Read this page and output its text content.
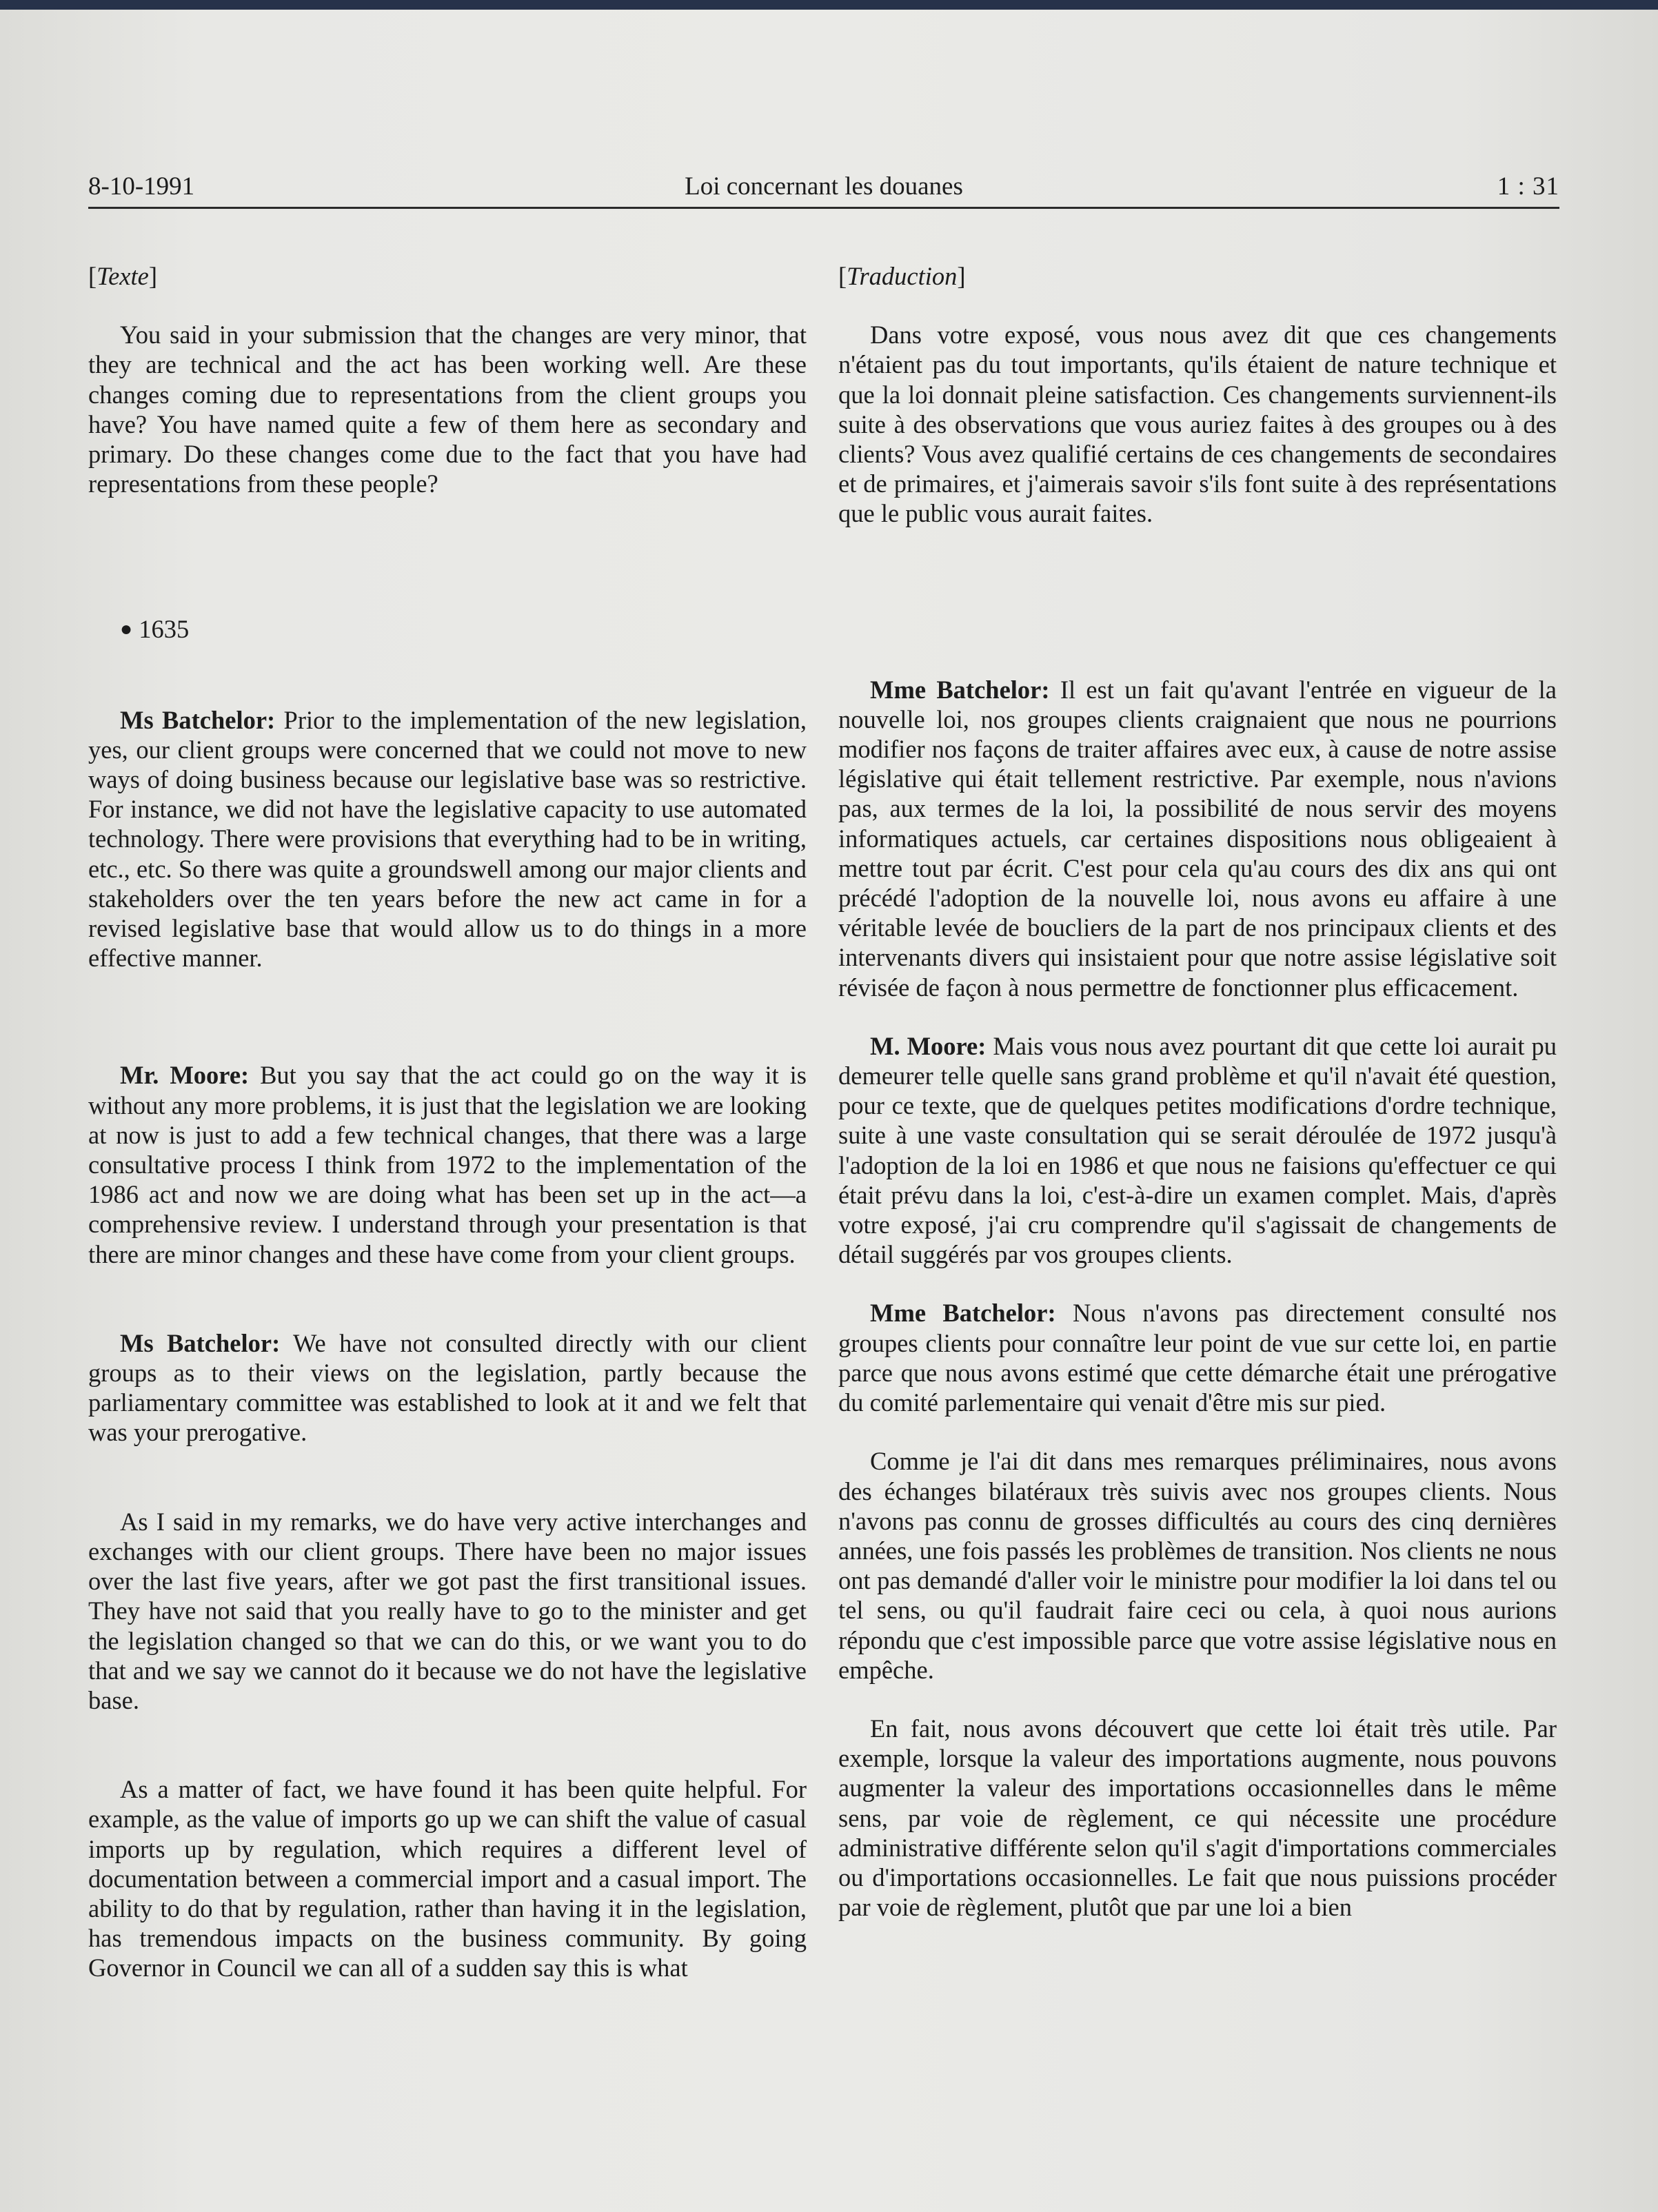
8-10-1991	Loi concernant les douanes	1 : 31

[Texte]

You said in your submission that the changes are very minor, that they are technical and the act has been working well. Are these changes coming due to representations from the client groups you have? You have named quite a few of them here as secondary and primary. Do these changes come due to the fact that you have had representations from these people?

● 1635

Ms Batchelor: Prior to the implementation of the new legislation, yes, our client groups were concerned that we could not move to new ways of doing business because our legislative base was so restrictive. For instance, we did not have the legislative capacity to use automated technology. There were provisions that everything had to be in writing, etc., etc. So there was quite a groundswell among our major clients and stakeholders over the ten years before the new act came in for a revised legislative base that would allow us to do things in a more effective manner.

Mr. Moore: But you say that the act could go on the way it is without any more problems, it is just that the legislation we are looking at now is just to add a few technical changes, that there was a large consultative process I think from 1972 to the implementation of the 1986 act and now we are doing what has been set up in the act—a comprehensive review. I understand through your presentation is that there are minor changes and these have come from your client groups.

Ms Batchelor: We have not consulted directly with our client groups as to their views on the legislation, partly because the parliamentary committee was established to look at it and we felt that was your prerogative.

As I said in my remarks, we do have very active interchanges and exchanges with our client groups. There have been no major issues over the last five years, after we got past the first transitional issues. They have not said that you really have to go to the minister and get the legislation changed so that we can do this, or we want you to do that and we say we cannot do it because we do not have the legislative base.

As a matter of fact, we have found it has been quite helpful. For example, as the value of imports go up we can shift the value of casual imports up by regulation, which requires a different level of documentation between a commercial import and a casual import. The ability to do that by regulation, rather than having it in the legislation, has tremendous impacts on the business community. By going Governor in Council we can all of a sudden say this is what

[Traduction]

Dans votre exposé, vous nous avez dit que ces changements n'étaient pas du tout importants, qu'ils étaient de nature technique et que la loi donnait pleine satisfaction. Ces changements surviennent-ils suite à des observations que vous auriez faites à des groupes ou à des clients? Vous avez qualifié certains de ces changements de secondaires et de primaires, et j'aimerais savoir s'ils font suite à des représentations que le public vous aurait faites.

Mme Batchelor: Il est un fait qu'avant l'entrée en vigueur de la nouvelle loi, nos groupes clients craignaient que nous ne pourrions modifier nos façons de traiter affaires avec eux, à cause de notre assise législative qui était tellement restrictive. Par exemple, nous n'avions pas, aux termes de la loi, la possibilité de nous servir des moyens informatiques actuels, car certaines dispositions nous obligeaient à mettre tout par écrit. C'est pour cela qu'au cours des dix ans qui ont précédé l'adoption de la nouvelle loi, nous avons eu affaire à une véritable levée de boucliers de la part de nos principaux clients et des intervenants divers qui insistaient pour que notre assise législative soit révisée de façon à nous permettre de fonctionner plus efficacement.

M. Moore: Mais vous nous avez pourtant dit que cette loi aurait pu demeurer telle quelle sans grand problème et qu'il n'avait été question, pour ce texte, que de quelques petites modifications d'ordre technique, suite à une vaste consultation qui se serait déroulée de 1972 jusqu'à l'adoption de la loi en 1986 et que nous ne faisions qu'effectuer ce qui était prévu dans la loi, c'est-à-dire un examen complet. Mais, d'après votre exposé, j'ai cru comprendre qu'il s'agissait de changements de détail suggérés par vos groupes clients.

Mme Batchelor: Nous n'avons pas directement consulté nos groupes clients pour connaître leur point de vue sur cette loi, en partie parce que nous avons estimé que cette démarche était une prérogative du comité parlementaire qui venait d'être mis sur pied.

Comme je l'ai dit dans mes remarques préliminaires, nous avons des échanges bilatéraux très suivis avec nos groupes clients. Nous n'avons pas connu de grosses difficultés au cours des cinq dernières années, une fois passés les problèmes de transition. Nos clients ne nous ont pas demandé d'aller voir le ministre pour modifier la loi dans tel ou tel sens, ou qu'il faudrait faire ceci ou cela, à quoi nous aurions répondu que c'est impossible parce que votre assise législative nous en empêche.

En fait, nous avons découvert que cette loi était très utile. Par exemple, lorsque la valeur des importations augmente, nous pouvons augmenter la valeur des importations occasionnelles dans le même sens, par voie de règlement, ce qui nécessite une procédure administrative différente selon qu'il s'agit d'importations commerciales ou d'importations occasionnelles. Le fait que nous puissions procéder par voie de règlement, plutôt que par une loi a bien
